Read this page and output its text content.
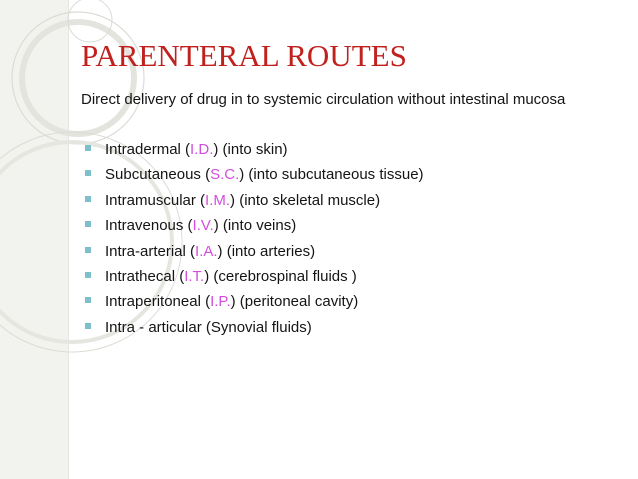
PARENTERAL ROUTES

Direct delivery of drug in to systemic circulation without intestinal mucosa

Intradermal (I.D.) (into skin)
Subcutaneous (S.C.) (into subcutaneous tissue)
Intramuscular (I.M.) (into skeletal muscle)
Intravenous (I.V.) (into veins)
Intra-arterial (I.A.) (into arteries)
Intrathecal (I.T.) (cerebrospinal fluids )
Intraperitoneal (I.P.) (peritoneal cavity)
Intra - articular (Synovial fluids)
